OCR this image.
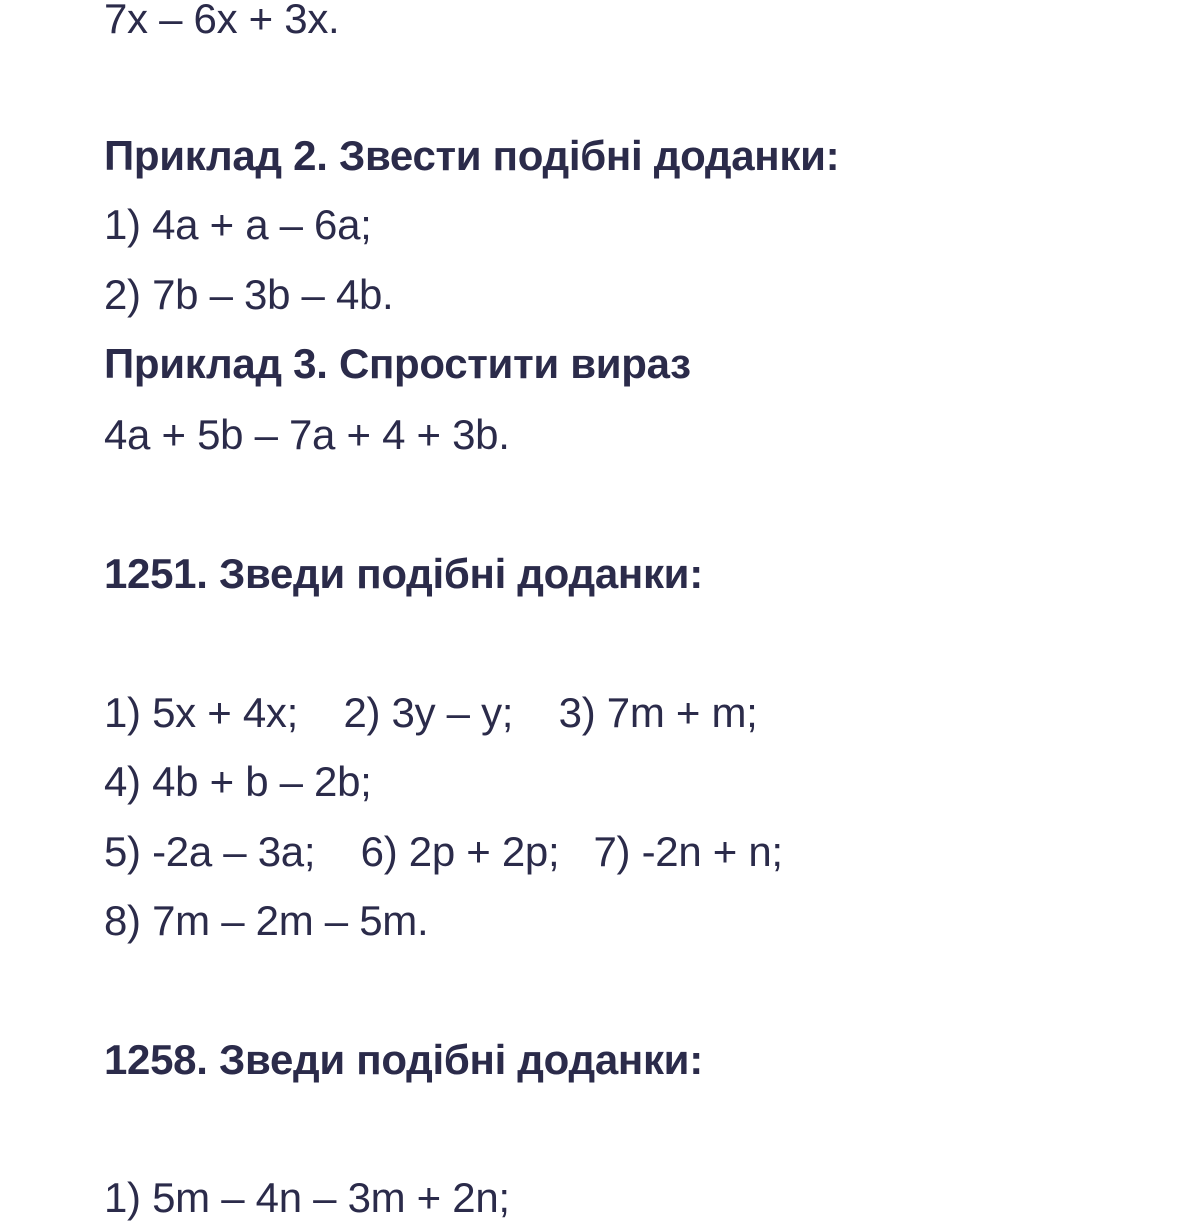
7x – 6x + 3x.
Приклад 2. Звести подібні доданки:
1) 4a + a – 6a;
2) 7b – 3b – 4b.
Приклад 3. Спростити вираз
4a + 5b – 7a + 4 + 3b.
1251. Зведи подібні доданки:
1) 5x + 4x;    2) 3y – y;    3) 7m + m;
4) 4b + b – 2b;
5) -2a – 3a;    6) 2p + 2p;   7) -2n + n;
8) 7m – 2m – 5m.
1258. Зведи подібні доданки:
1) 5m – 4n – 3m + 2n;
